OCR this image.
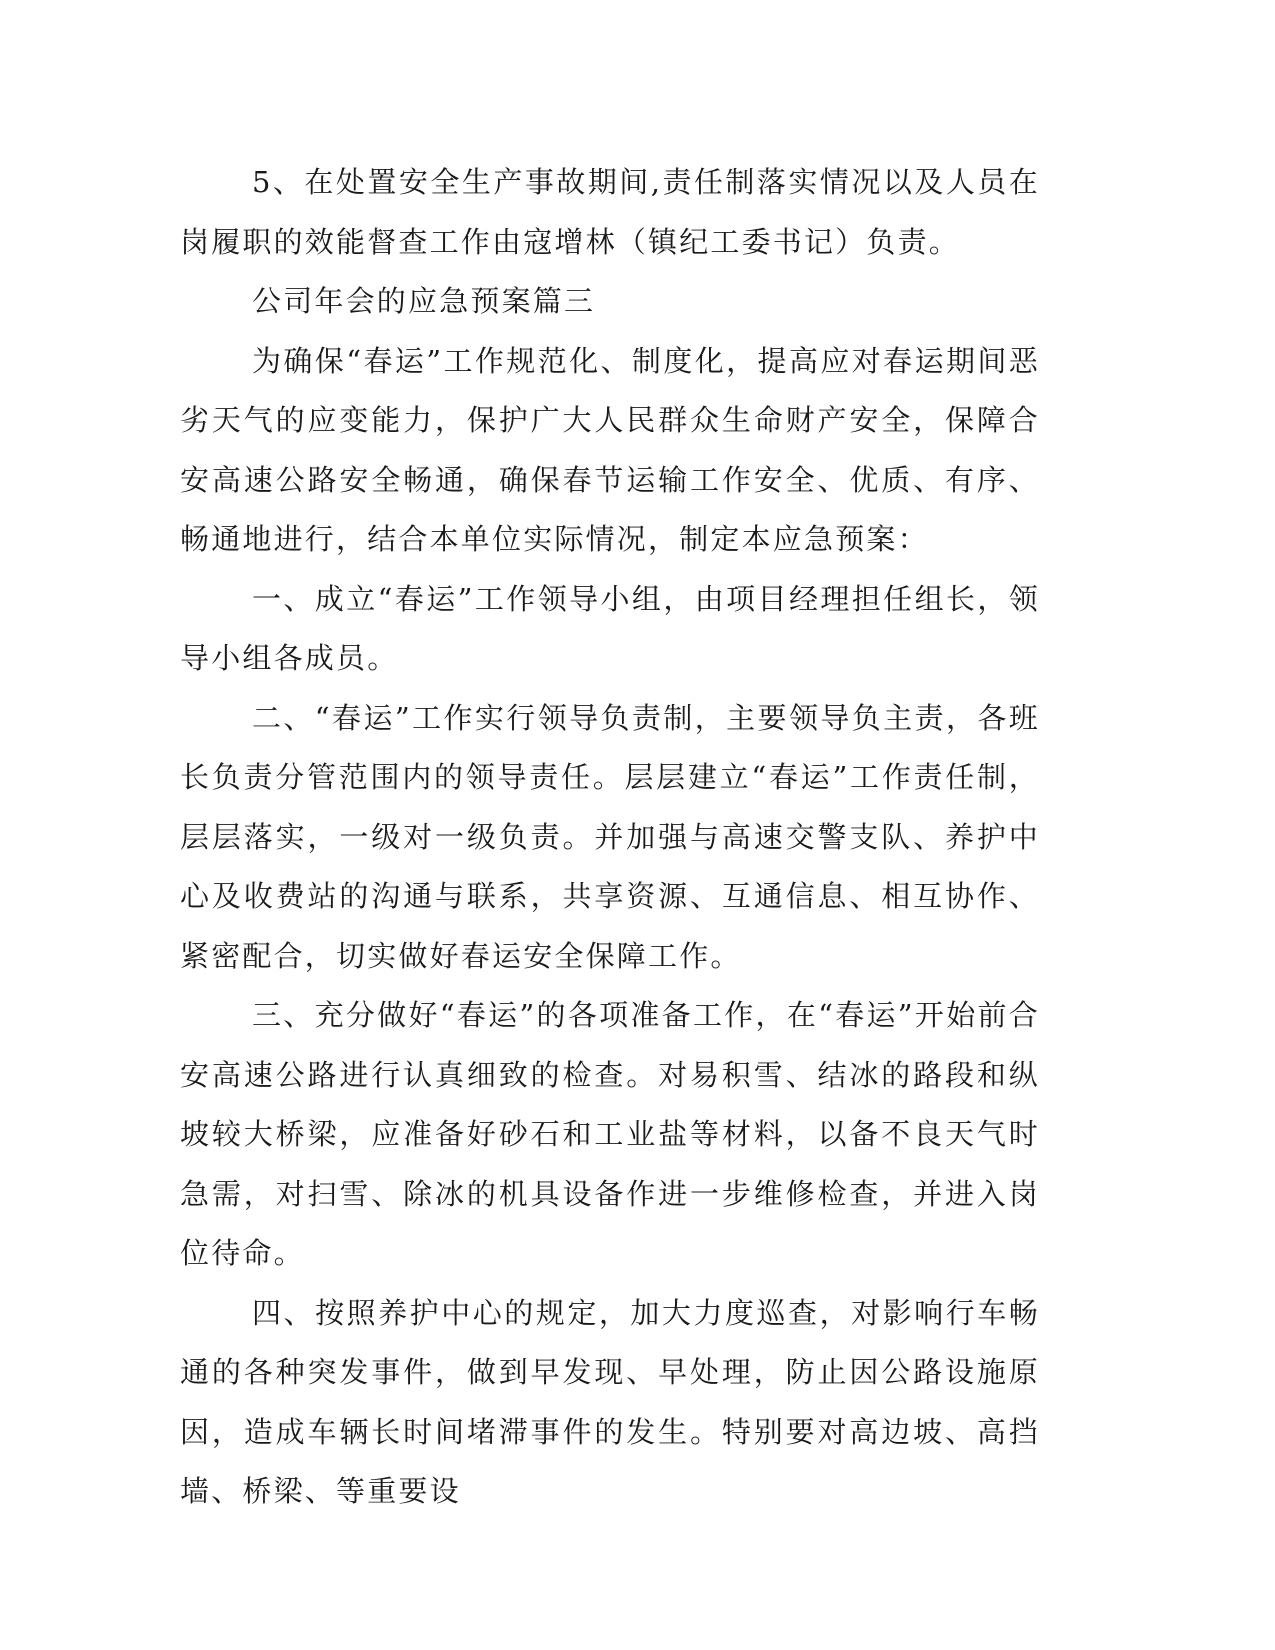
5、在处置安全生产事故期间,责任制落实情况以及人员在岗履职的效能督查工作由寇增林（镇纪工委书记）负责。

公司年会的应急预案篇三

为确保“春运”工作规范化、制度化，提高应对春运期间恶劣天气的应变能力，保护广大人民群众生命财产安全，保障合安高速公路安全畅通，确保春节运输工作安全、优质、有序、畅通地进行，结合本单位实际情况，制定本应急预案：

一、成立“春运”工作领导小组，由项目经理担任组长，领导小组各成员。

二、“春运”工作实行领导负责制，主要领导负主责，各班长负责分管范围内的领导责任。层层建立“春运”工作责任制，层层落实，一级对一级负责。并加强与高速交警支队、养护中心及收费站的沟通与联系，共享资源、互通信息、相互协作、紧密配合，切实做好春运安全保障工作。

三、充分做好“春运”的各项准备工作，在“春运”开始前合安高速公路进行认真细致的检查。对易积雪、结冰的路段和纵坡较大桥梁，应准备好砂石和工业盐等材料，以备不良天气时急需，对扫雪、除冰的机具设备作进一步维修检查，并进入岗位待命。

四、按照养护中心的规定，加大力度巡查，对影响行车畅通的各种突发事件，做到早发现、早处理，防止因公路设施原因，造成车辆长时间堵滞事件的发生。特别要对高边坡、高挡墙、桥梁、等重要设
